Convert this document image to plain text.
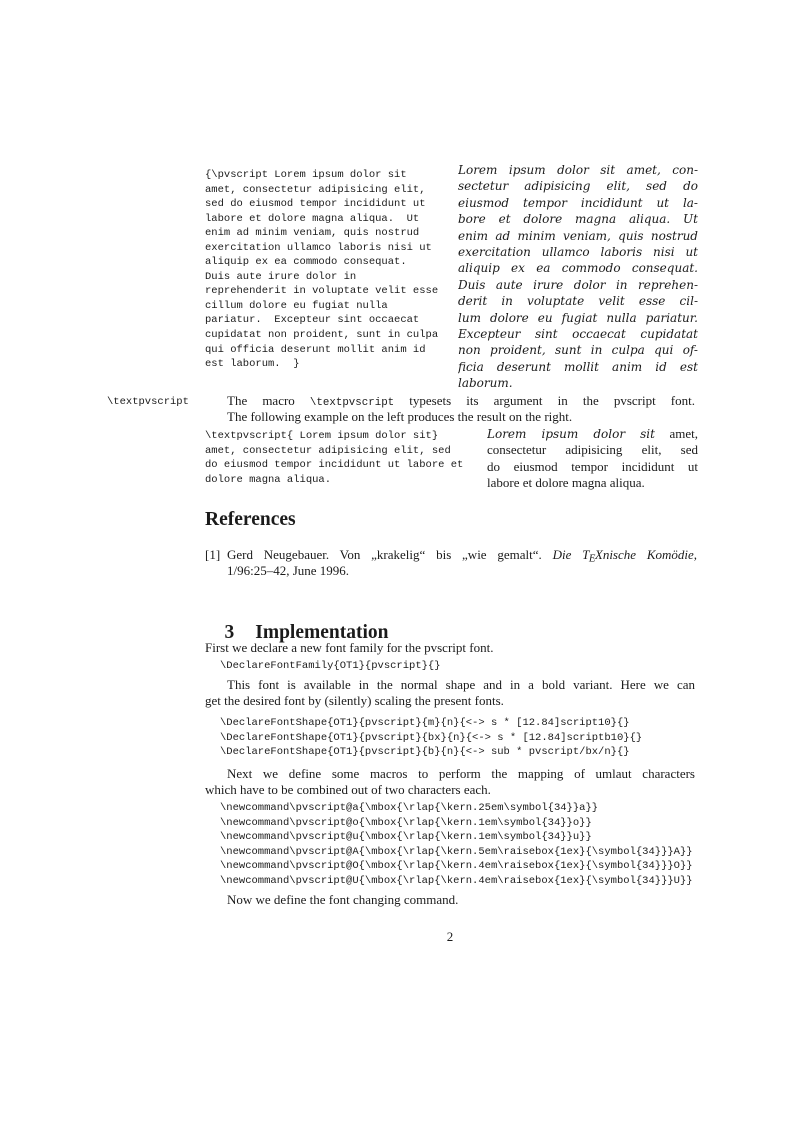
{\pvscript Lorem ipsum dolor sit
amet, consectetur adipisicing elit,
sed do eiusmod tempor incididunt ut
labore et dolore magna aliqua.  Ut
enim ad minim veniam, quis nostrud
exercitation ullamco laboris nisi ut
aliquip ex ea commodo consequat.
Duis aute irure dolor in
reprehenderit in voluptate velit esse
cillum dolore eu fugiat nulla
pariatur.  Excepteur sint occaecat
cupidatat non proident, sunt in culpa
qui officia deserunt mollit anim id
est laborum.  }
Lorem ipsum dolor sit amet, con-
sectetur adipisicing elit, sed do
eiusmod tempor incididunt ut la-
bore et dolore magna aliqua. Ut
enim ad minim veniam, quis nostrud
exercitation ullamco laboris nisi ut
aliquip ex ea commodo consequat.
Duis aute irure dolor in reprehen-
derit in voluptate velit esse cil-
lum dolore eu fugiat nulla pariatur.
Excepteur sint occaecat cupidatat
non proident, sunt in culpa qui of-
ficia deserunt mollit anim id est
laborum.
\textpvscript	The macro \textpvscript typesets its argument in the pvscript font.
The following example on the left produces the result on the right.
\textpvscript{ Lorem ipsum dolor sit}
amet, consectetur adipisicing elit, sed
do eiusmod tempor incididunt ut labore et
dolore magna aliqua.
Lorem ipsum dolor sit amet,
consectetur adipisicing elit, sed
do eiusmod tempor incididunt ut
labore et dolore magna aliqua.
References
[1] Gerd Neugebauer. Von „krakelig“ bis „wie gemalt“. Die TEXnische Komödie,
1/96:25–42, June 1996.

3 Implementation

First we declare a new font family for the pvscript font.
\DeclareFontFamily{OT1}{pvscript}{}
This font is available in the normal shape and in a bold variant. Here we can
get the desired font by (silently) scaling the present fonts.
\DeclareFontShape{OT1}{pvscript}{m}{n}{<-> s * [12.84]script10}{}
\DeclareFontShape{OT1}{pvscript}{bx}{n}{<-> s * [12.84]scriptb10}{}
\DeclareFontShape{OT1}{pvscript}{b}{n}{<-> sub * pvscript/bx/n}{}
Next we define some macros to perform the mapping of umlaut characters
which have to be combined out of two characters each.
\newcommand\pvscript@a{\mbox{\rlap{\kern.25em\symbol{34}}a}}
\newcommand\pvscript@o{\mbox{\rlap{\kern.1em\symbol{34}}o}}
\newcommand\pvscript@u{\mbox{\rlap{\kern.1em\symbol{34}}u}}
\newcommand\pvscript@A{\mbox{\rlap{\kern.5em\raisebox{1ex}{\symbol{34}}}A}}
\newcommand\pvscript@O{\mbox{\rlap{\kern.4em\raisebox{1ex}{\symbol{34}}}O}}
\newcommand\pvscript@U{\mbox{\rlap{\kern.4em\raisebox{1ex}{\symbol{34}}}U}}
Now we define the font changing command.
2
